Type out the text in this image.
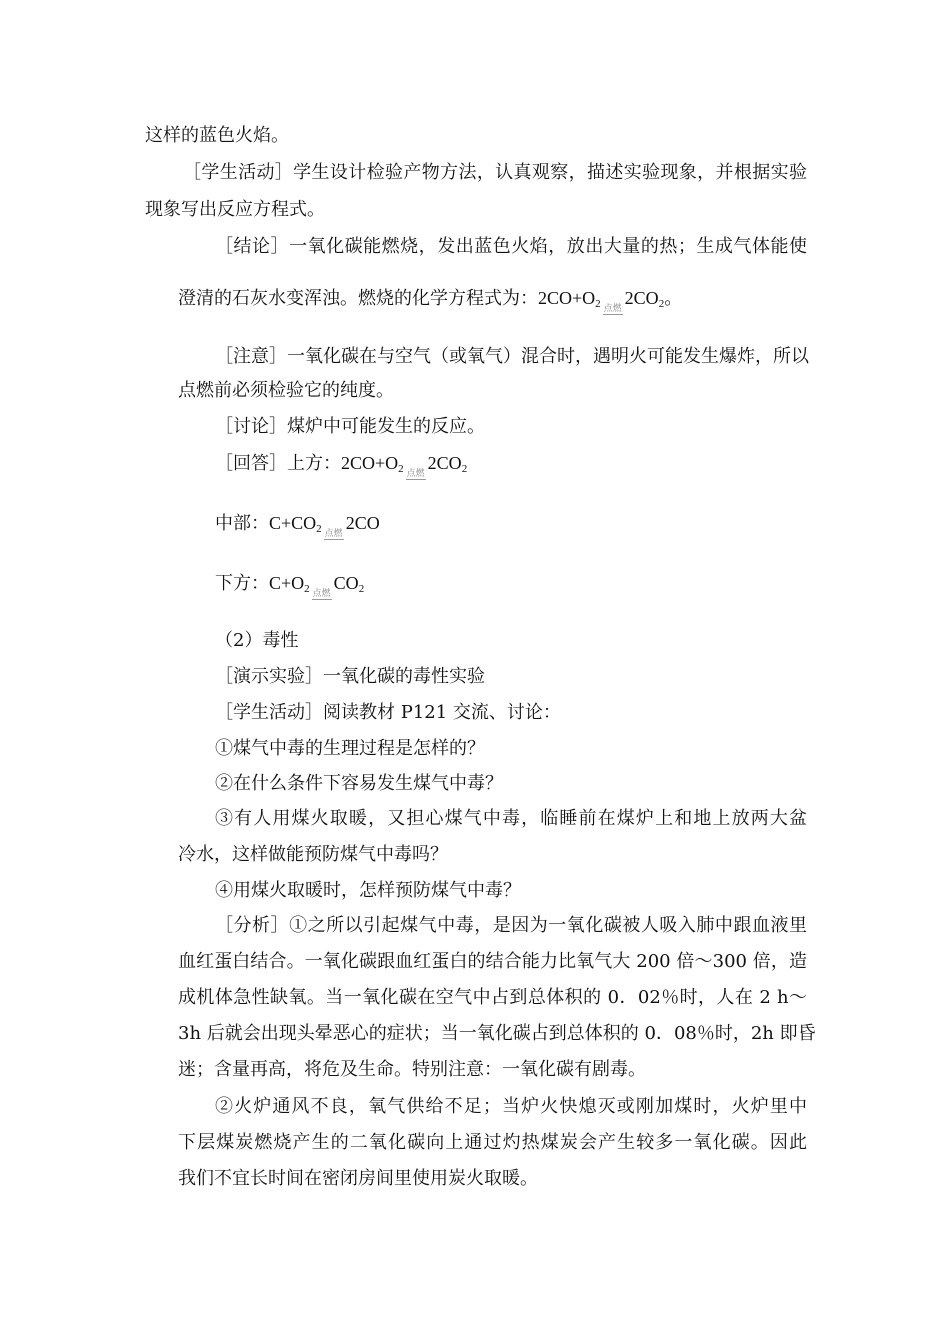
这样的蓝色火焰。
［学生活动］学生设计检验产物方法，认真观察，描述实验现象，并根据实验
现象写出反应方程式。
［结论］一氧化碳能燃烧，发出蓝色火焰，放出大量的热；生成气体能使
澄清的石灰水变浑浊。燃烧的化学方程式为：$2CO+O_2$ 点燃$2CO_2$。
［注意］一氧化碳在与空气（或氧气）混合时，遇明火可能发生爆炸，所以
点燃前必须检验它的纯度。
［讨论］煤炉中可能发生的反应。
［回答］上方：$2CO+O_2$ 点燃$2CO_2$
中部：$C+CO_2$ 点燃2CO
下方：$C+O_2$ 点燃$CO_2$
（2）毒性
［演示实验］一氧化碳的毒性实验
［学生活动］阅读教材 P121 交流、讨论：
①煤气中毒的生理过程是怎样的？
②在什么条件下容易发生煤气中毒？
③有人用煤火取暖，又担心煤气中毒，临睡前在煤炉上和地上放两大盆
冷水，这样做能预防煤气中毒吗？
④用煤火取暖时，怎样预防煤气中毒？
［分析］①之所以引起煤气中毒，是因为一氧化碳被人吸入肺中跟血液里
血红蛋白结合。一氧化碳跟血红蛋白的结合能力比氧气大 200 倍～300 倍，造
成机体急性缺氧。当一氧化碳在空气中占到总体积的 0．02％时，人在 2 h～
3h 后就会出现头晕恶心的症状；当一氧化碳占到总体积的 0．08％时，2h 即昏
迷；含量再高，将危及生命。特别注意：一氧化碳有剧毒。
②火炉通风不良，氧气供给不足；当炉火快熄灭或刚加煤时，火炉里中
下层煤炭燃烧产生的二氧化碳向上通过灼热煤炭会产生较多一氧化碳。因此
我们不宜长时间在密闭房间里使用炭火取暖。
